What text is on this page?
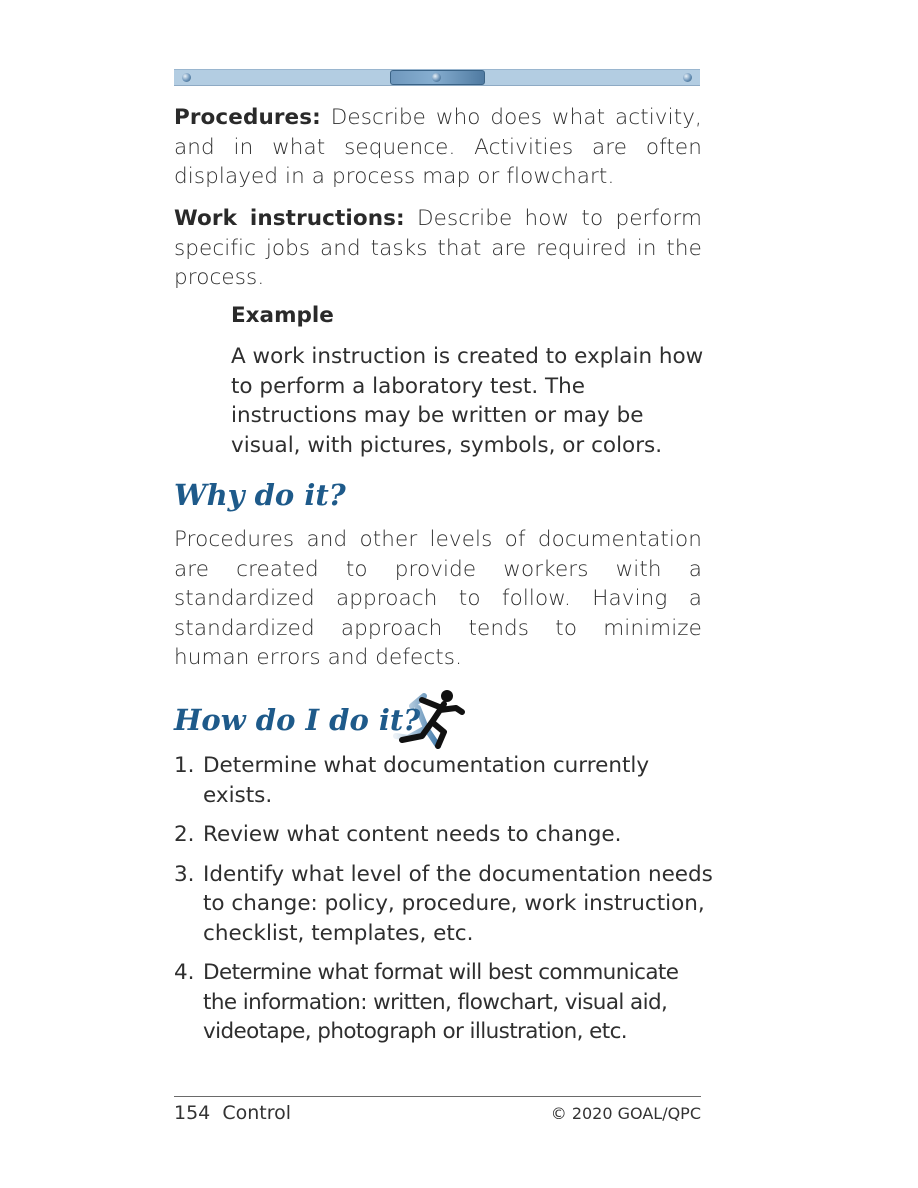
Procedures: Describe who does what activity, and in what sequence. Activities are often displayed in a process map or flowchart.

Work instructions: Describe how to perform specific jobs and tasks that are required in the process.

Example

A work instruction is created to explain how to perform a laboratory test. The instructions may be written or may be visual, with pictures, symbols, or colors.

Why do it?

Procedures and other levels of documentation are created to provide workers with a standardized approach to follow. Having a standardized approach tends to minimize human errors and defects.

How do I do it?
1. Determine what documentation currently exists.
2. Review what content needs to change.
3. Identify what level of the documentation needs to change: policy, procedure, work instruction, checklist, templates, etc.
4. Determine what format will best communicate the information: written, flowchart, visual aid, videotape, photograph or illustration, etc.
154 Control	© 2020 GOAL/QPC
